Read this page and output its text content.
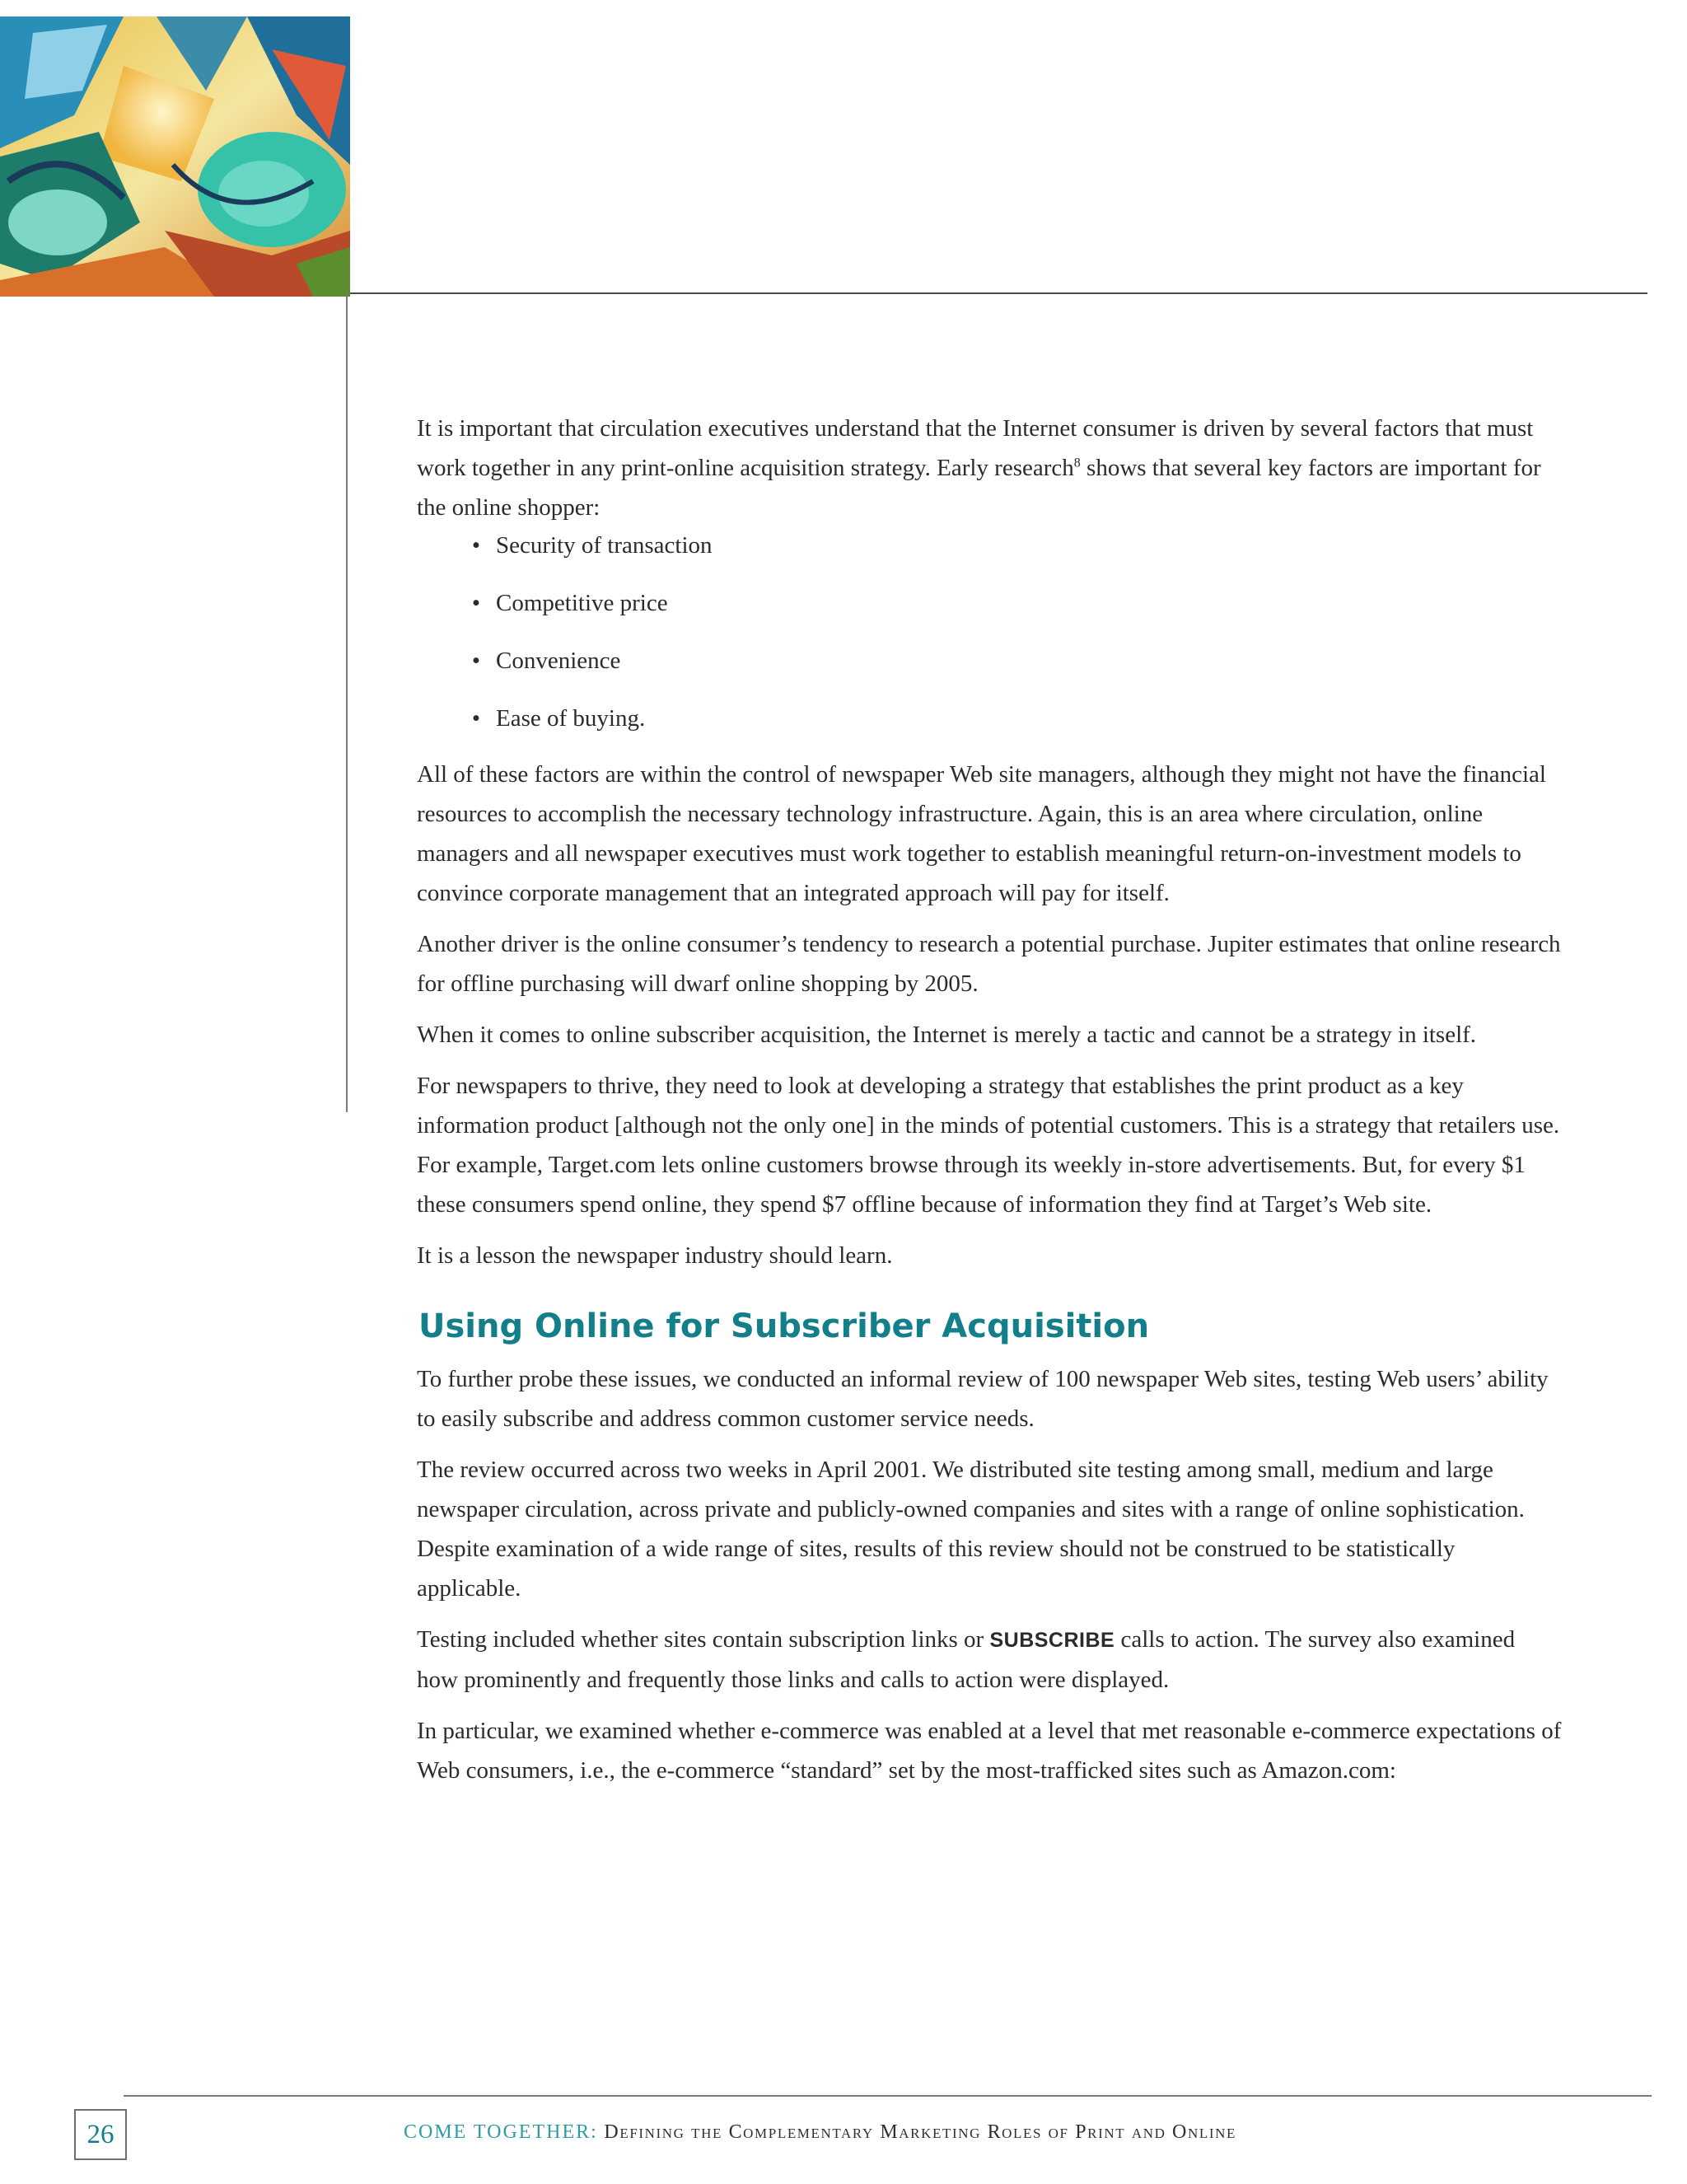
It is important that circulation executives understand that the Internet consumer is driven by several factors that must work together in any print-online acquisition strategy. Early research$^8$ shows that several key factors are important for the online shopper:

• Security of transaction
• Competitive price
• Convenience
• Ease of buying.

All of these factors are within the control of newspaper Web site managers, although they might not have the financial resources to accomplish the necessary technology infrastructure. Again, this is an area where circulation, online managers and all newspaper executives must work together to establish meaningful return-on-investment models to convince corporate management that an integrated approach will pay for itself.

Another driver is the online consumer’s tendency to research a potential purchase. Jupiter estimates that online research for offline purchasing will dwarf online shopping by 2005.

When it comes to online subscriber acquisition, the Internet is merely a tactic and cannot be a strategy in itself.

For newspapers to thrive, they need to look at developing a strategy that establishes the print product as a key information product [although not the only one] in the minds of potential customers. This is a strategy that retailers use. For example, Target.com lets online customers browse through its weekly in-store advertisements. But, for every $1 these consumers spend online, they spend $7 offline because of information they find at Target’s Web site.

It is a lesson the newspaper industry should learn.

Using Online for Subscriber Acquisition

To further probe these issues, we conducted an informal review of 100 newspaper Web sites, testing Web users’ ability to easily subscribe and address common customer service needs.

The review occurred across two weeks in April 2001. We distributed site testing among small, medium and large newspaper circulation, across private and publicly-owned companies and sites with a range of online sophistication. Despite examination of a wide range of sites, results of this review should not be construed to be statistically applicable.

Testing included whether sites contain subscription links or SUBSCRIBE calls to action. The survey also examined how prominently and frequently those links and calls to action were displayed.

In particular, we examined whether e-commerce was enabled at a level that met reasonable e-commerce expectations of Web consumers, i.e., the e-commerce “standard” set by the most-trafficked sites such as Amazon.com:

26	COME TOGETHER: Defining the Complementary Marketing Roles of Print and Online
